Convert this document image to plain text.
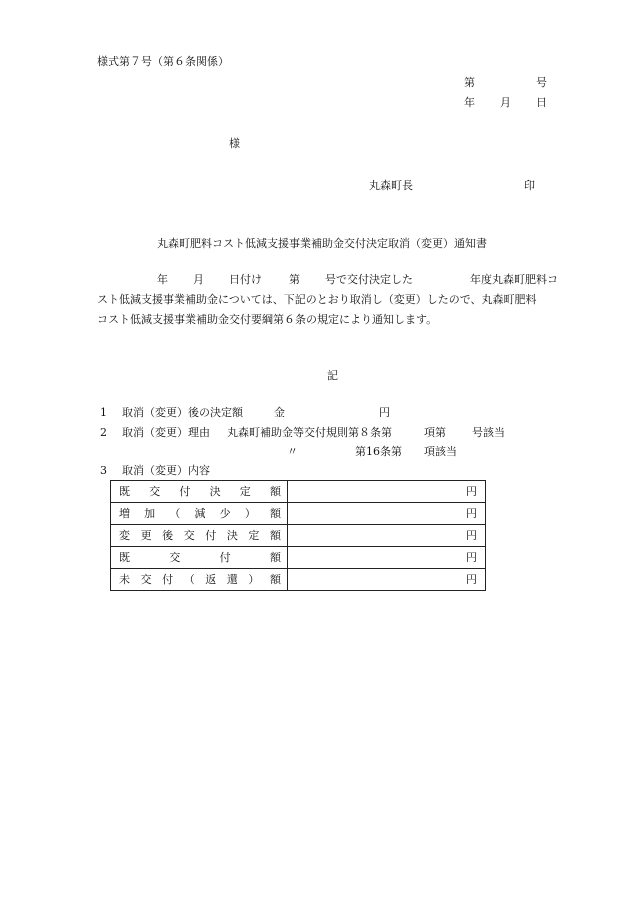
様式第７号（第６条関係）
第	号
年 月 日
様
丸森町長	印
丸森町肥料コスト低減支援事業補助金交付決定取消（変更）通知書
年 月 日付け 第 号で交付決定した	年度丸森町肥料コ
スト低減支援事業補助金については、下記のとおり取消し（変更）したので、丸森町肥料
コスト低減支援事業補助金交付要綱第６条の規定により通知します。
記
1 取消（変更）後の決定額	金	円
2 取消（変更）理由 丸森町補助金等交付規則第８条第	項第 号該当
〃	第16条第 項該当
3 取消（変更）内容
既交付決定額	円

増加（減少）額	円

変更後交付決定額	円

既交付額	円

未交付（返還）額	円
